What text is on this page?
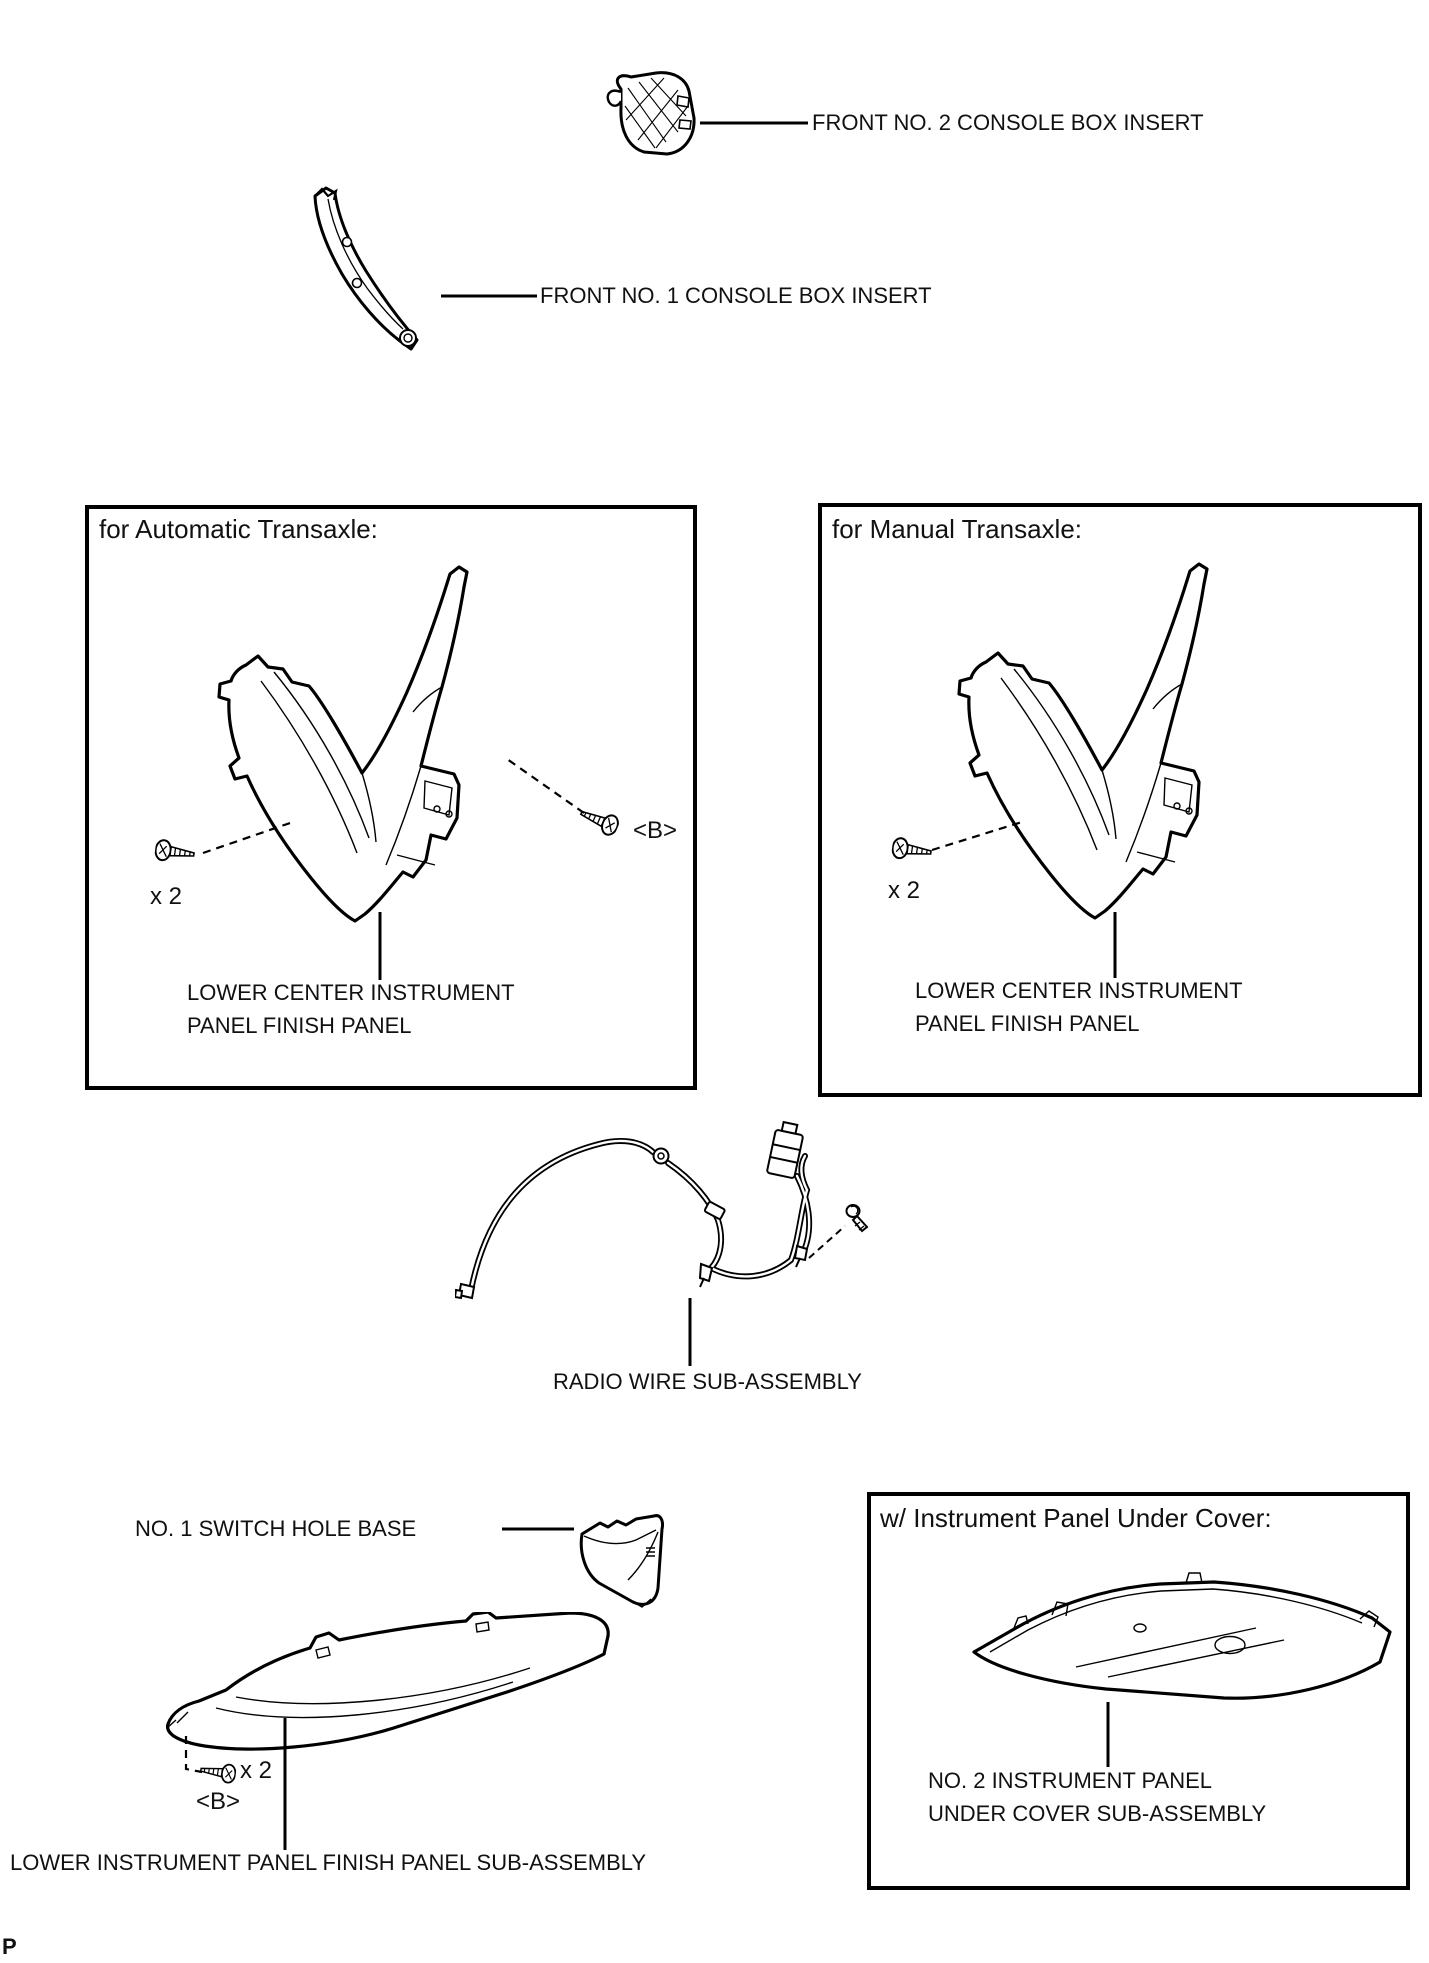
FRONT NO. 2 CONSOLE BOX INSERT
FRONT NO. 1 CONSOLE BOX INSERT
for Automatic Transaxle:
x 2
<B>
LOWER CENTER INSTRUMENT
PANEL FINISH PANEL
for Manual Transaxle:
x 2
LOWER CENTER INSTRUMENT
PANEL FINISH PANEL
RADIO WIRE SUB-ASSEMBLY
NO. 1 SWITCH HOLE BASE
x 2
<B>
LOWER INSTRUMENT PANEL FINISH PANEL SUB-ASSEMBLY
w/ Instrument Panel Under Cover:
NO. 2 INSTRUMENT PANEL
UNDER COVER SUB-ASSEMBLY
P
